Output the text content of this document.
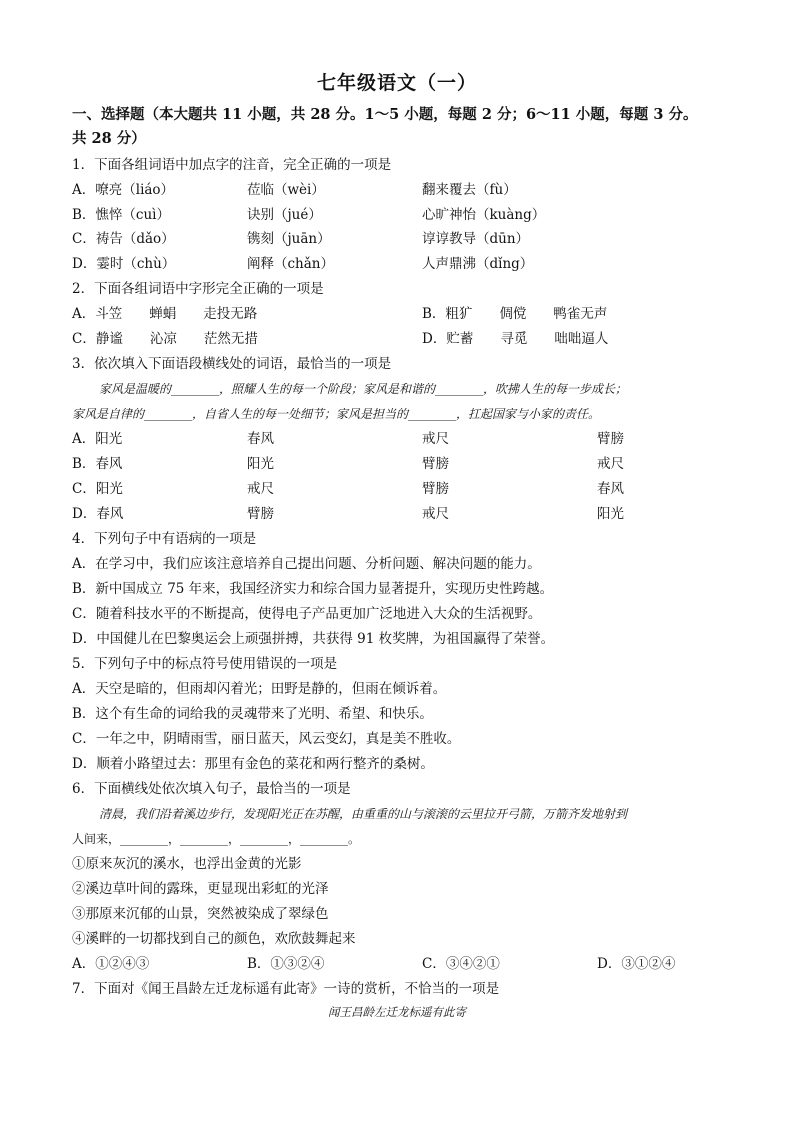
七年级语文（一）
一、选择题（本大题共 11 小题，共 28 分。1～5 小题，每题 2 分；6～11 小题，每题 3 分。
共 28 分）
1．下面各组词语中加点字的注音，完全正确的一项是
A．嘹亮（liáo）	莅临（wèi）	翻来覆去（fù）
B．憔悴（cuì）	诀别（jué）	心旷神怡（kuàng）
C．祷告（dǎo）	镌刻（juān）	谆谆教导（dūn）
D．霎时（chù）	阐释（chǎn）	人声鼎沸（dǐng）
2．下面各组词语中字形完全正确的一项是
A．斗笠　　蝉蜎　　走投无路	B．粗犷　　倜傥　　鸭雀无声
C．静谧　　沁凉　　茫然无措	D．贮蓄　　寻觅　　咄咄逼人
3．依次填入下面语段横线处的词语，最恰当的一项是
家风是温暖的________，照耀人生的每一个阶段；家风是和谐的________，吹拂人生的每一步成长；
家风是自律的________，自省人生的每一处细节；家风是担当的________，扛起国家与小家的责任。
A．阳光	春风	戒尺	臂膀
B．春风	阳光	臂膀	戒尺
C．阳光	戒尺	臂膀	春风
D．春风	臂膀	戒尺	阳光
4．下列句子中有语病的一项是
A．在学习中，我们应该注意培养自己提出问题、分析问题、解决问题的能力。
B．新中国成立 75 年来，我国经济实力和综合国力显著提升，实现历史性跨越。
C．随着科技水平的不断提高，使得电子产品更加广泛地进入大众的生活视野。
D．中国健儿在巴黎奥运会上顽强拼搏，共获得 91 枚奖牌，为祖国赢得了荣誉。
5．下列句子中的标点符号使用错误的一项是
A．天空是暗的，但雨却闪着光；田野是静的，但雨在倾诉着。
B．这个有生命的词给我的灵魂带来了光明、希望、和快乐。
C．一年之中，阴晴雨雪，丽日蓝天，风云变幻，真是美不胜收。
D．顺着小路望过去：那里有金色的菜花和两行整齐的桑树。
6．下面横线处依次填入句子，最恰当的一项是
清晨，我们沿着溪边步行，发现阳光正在苏醒，由重重的山与滚滚的云里拉开弓箭，万箭齐发地射到
人间来，________，________，________，________。
①原来灰沉的溪水，也浮出金黄的光影
②溪边草叶间的露珠，更显现出彩虹的光泽
③那原来沉郁的山景，突然被染成了翠绿色
④溪畔的一切都找到自己的颜色，欢欣鼓舞起来
A．①②④③	B．①③②④	C．③④②①	D．③①②④
7．下面对《闻王昌龄左迁龙标遥有此寄》一诗的赏析，不恰当的一项是
闻王昌龄左迁龙标遥有此寄
